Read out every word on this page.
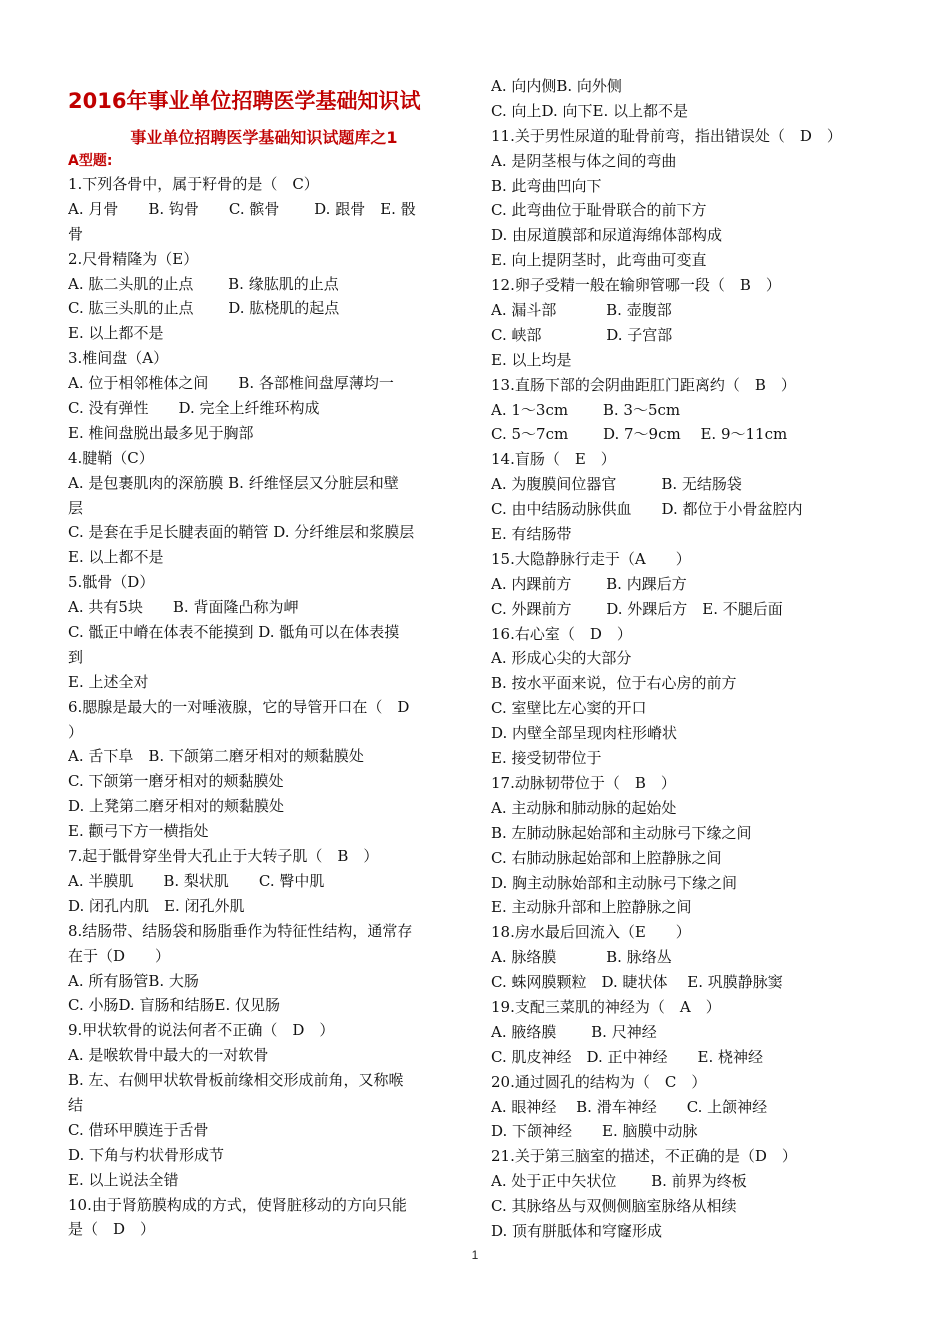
2016年事业单位招聘医学基础知识试
事业单位招聘医学基础知识试题库之1
A型题:
1.下列各骨中，属于籽骨的是（　C）
A. 月骨　　B. 钩骨　　C. 髌骨　　 D. 跟骨　E. 骰
骨
2.尺骨精隆为（E）
A. 肱二头肌的止点　　 B. 缘肱肌的止点
C. 肱三头肌的止点　　 D. 肱桡肌的起点
E. 以上都不是
3.椎间盘（A）
A. 位于相邻椎体之间　　B. 各部椎间盘厚薄均一
C. 没有弹性　　D. 完全上纤维环构成
E. 椎间盘脱出最多见于胸部
4.腱鞘（C）
A. 是包裹肌肉的深筋膜 B. 纤维怪层又分脏层和壁
层
C. 是套在手足长腱表面的鞘管 D. 分纤维层和浆膜层
E. 以上都不是
5.骶骨（D）
A. 共有5块　　B. 背面隆凸称为岬
C. 骶正中嵴在体表不能摸到 D. 骶角可以在体表摸
到
E. 上述全对
6.腮腺是最大的一对唾液腺，它的导管开口在（　D
）
A. 舌下阜　B. 下颌第二磨牙相对的颊黏膜处
C. 下颌第一磨牙相对的颊黏膜处
D. 上凳第二磨牙相对的颊黏膜处
E. 颧弓下方一横指处
7.起于骶骨穿坐骨大孔止于大转子肌（　B　）
A. 半膜肌　　B. 梨状肌　　C. 臀中肌
D. 闭孔内肌　E. 闭孔外肌
8.结肠带、结肠袋和肠脂垂作为特征性结构，通常存
在于（D　　）
A. 所有肠管B. 大肠
C. 小肠D. 盲肠和结肠E. 仅见肠
9.甲状软骨的说法何者不正确（　D　）
A. 是喉软骨中最大的一对软骨
B. 左、右侧甲状软骨板前缘相交形成前角，又称喉
结
C. 借环甲膜连于舌骨
D. 下角与杓状骨形成节
E. 以上说法全错
10.由于肾筋膜构成的方式，使肾脏移动的方向只能
是（　D　）
A. 向内侧B. 向外侧
C. 向上D. 向下E. 以上都不是
11.关于男性尿道的耻骨前弯，指出错误处（　D　）
A. 是阴茎根与体之间的弯曲
B. 此弯曲凹向下
C. 此弯曲位于耻骨联合的前下方
D. 由尿道膜部和尿道海绵体部构成
E. 向上提阴茎时，此弯曲可变直
12.卵子受精一般在输卵管哪一段（　B　）
A. 漏斗部　　　 B. 壶腹部
C. 峡部　　　　 D. 子宫部
E. 以上均是
13.直肠下部的会阴曲距肛门距离约（　B　）
A. 1～3cm　　 B. 3～5cm
C. 5～7cm　　 D. 7～9cm　 E. 9～11cm
14.盲肠（　E　）
A. 为腹膜间位器官　　　B. 无结肠袋
C. 由中结肠动脉供血　　D. 都位于小骨盆腔内
E. 有结肠带
15.大隐静脉行走于（A　　）
A. 内踝前方　　 B. 内踝后方
C. 外踝前方　　 D. 外踝后方　E. 不腿后面
16.右心室（　D　）
A. 形成心尖的大部分
B. 按水平面来说，位于右心房的前方
C. 室壁比左心窦的开口
D. 内壁全部呈现肉柱形嵴状
E. 接受韧带位于
17.动脉韧带位于（　B　）
A. 主动脉和肺动脉的起始处
B. 左肺动脉起始部和主动脉弓下缘之间
C. 右肺动脉起始部和上腔静脉之间
D. 胸主动脉始部和主动脉弓下缘之间
E. 主动脉升部和上腔静脉之间
18.房水最后回流入（E　　）
A. 脉络膜　　　 B. 脉络丛
C. 蛛网膜颗粒　D. 睫状体　 E. 巩膜静脉窦
19.支配三菜肌的神经为（　A　）
A. 腋络膜　　 B. 尺神经
C. 肌皮神经　D. 正中神经　　E. 桡神经
20.通过圆孔的结构为（　C　）
A. 眼神经　 B. 滑车神经　　C. 上颌神经
D. 下颌神经　　E. 脑膜中动脉
21.关于第三脑室的描述，不正确的是（D　）
A. 处于正中矢状位　　 B. 前界为终板
C. 其脉络丛与双侧侧脑室脉络从相续
D. 顶有胼胝体和穹窿形成
1
